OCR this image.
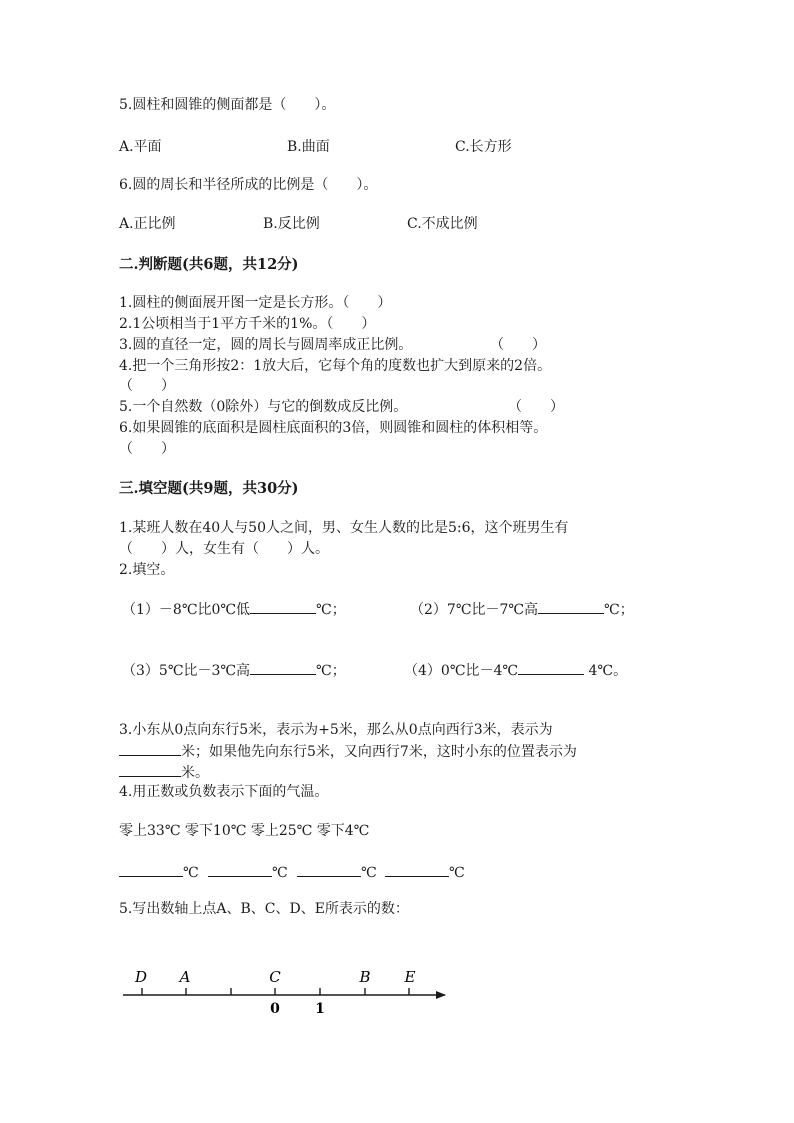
5.圆柱和圆锥的侧面都是（　　）。
A.平面	B.曲面	C.长方形
6.圆的周长和半径所成的比例是（　　）。
A.正比例	B.反比例	C.不成比例
二.判断题(共6题，共12分)
1.圆柱的侧面展开图一定是长方形。（　　）
2.1公顷相当于1平方千米的1%。（　　）
3.圆的直径一定，圆的周长与圆周率成正比例。	（　　）
4.把一个三角形按2：1放大后，它每个角的度数也扩大到原来的2倍。
（　　）
5.一个自然数（0除外）与它的倒数成反比例。	（　　）
6.如果圆锥的底面积是圆柱底面积的3倍，则圆锥和圆柱的体积相等。
（　　）
三.填空题(共9题，共30分)
1.某班人数在40人与50人之间，男、女生人数的比是5:6，这个班男生有
（　　）人，女生有（　　）人。
2.填空。
（1）－8℃比0℃低	℃；	（2）7℃比－7℃高	℃；
（3）5℃比－3℃高	℃；	（4）0℃比－4℃	4℃。
3.小东从0点向东行5米，表示为+5米，那么从0点向西行3米，表示为
米；如果他先向东行5米，又向西行7米，这时小东的位置表示为
米。
4.用正数或负数表示下面的气温。
零上33℃ 零下10℃ 零上25℃ 零下4℃
℃	℃	℃	℃
5.写出数轴上点A、B、C、D、E所表示的数：
D A	C	B E
0	1
